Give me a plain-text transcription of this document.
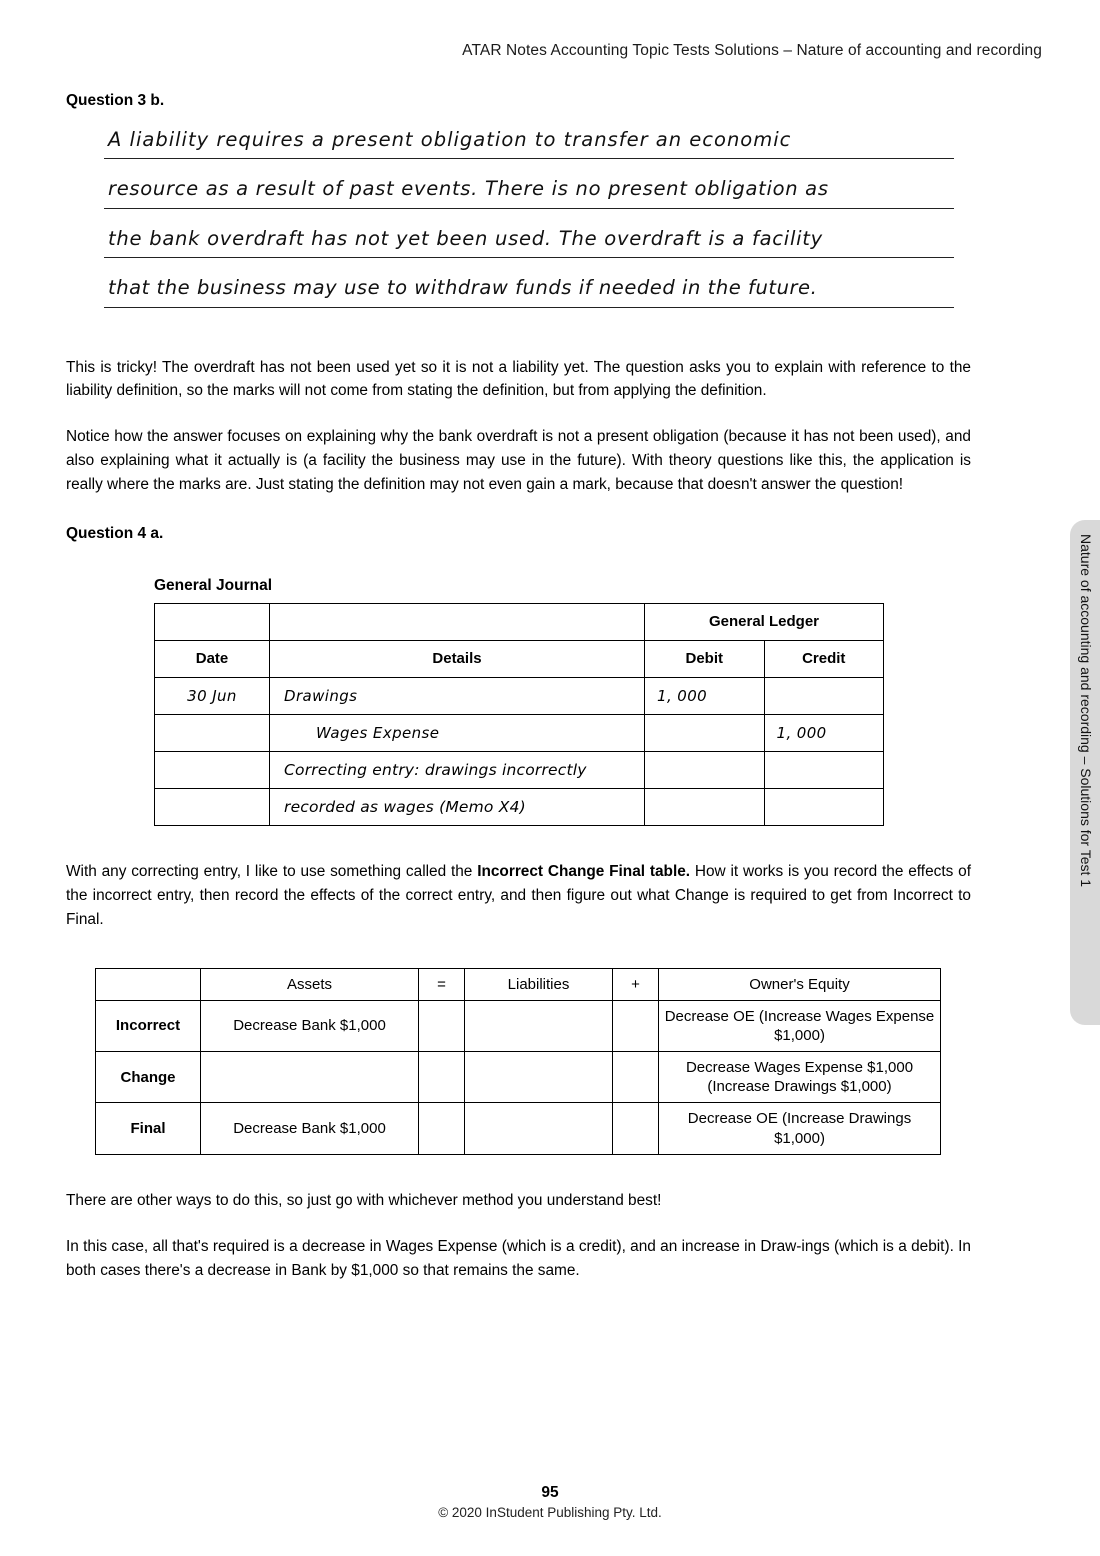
ATAR Notes Accounting Topic Tests Solutions – Nature of accounting and recording
Nature of accounting and recording – Solutions for Test 1
Question 3 b.
A liability requires a present obligation to transfer an economic
resource as a result of past events. There is no present obligation as
the bank overdraft has not yet been used. The overdraft is a facility
that the business may use to withdraw funds if needed in the future.

This is tricky! The overdraft has not been used yet so it is not a liability yet. The question asks you to explain with reference to the liability definition, so the marks will not come from stating the definition, but from applying the definition.

Notice how the answer focuses on explaining why the bank overdraft is not a present obligation (because it has not been used), and also explaining what it actually is (a facility the business may use in the future). With theory questions like this, the application is really where the marks are. Just stating the definition may not even gain a mark, because that doesn't answer the question!

Question 4 a.
General Journal
		General Ledger	
Date	Details	Debit	Credit
30 Jun	Drawings	1, 000	
	Wages Expense		1, 000
	Correcting entry: drawings incorrectly		
	recorded as wages (Memo X4)		

With any correcting entry, I like to use something called the Incorrect Change Final table. How it works is you record the effects of the incorrect entry, then record the effects of the correct entry, and then figure out what Change is required to get from Incorrect to Final.

	Assets	=	Liabilities	+	Owner's Equity
Incorrect	Decrease Bank $1,000				Decrease OE (Increase Wages Expense $1,000)
Change					Decrease Wages Expense $1,000 (Increase Drawings $1,000)
Final	Decrease Bank $1,000				Decrease OE (Increase Drawings $1,000)

There are other ways to do this, so just go with whichever method you understand best!

In this case, all that's required is a decrease in Wages Expense (which is a credit), and an increase in Draw-ings (which is a debit). In both cases there's a decrease in Bank by $1,000 so that remains the same.

95
© 2020 InStudent Publishing Pty. Ltd.
